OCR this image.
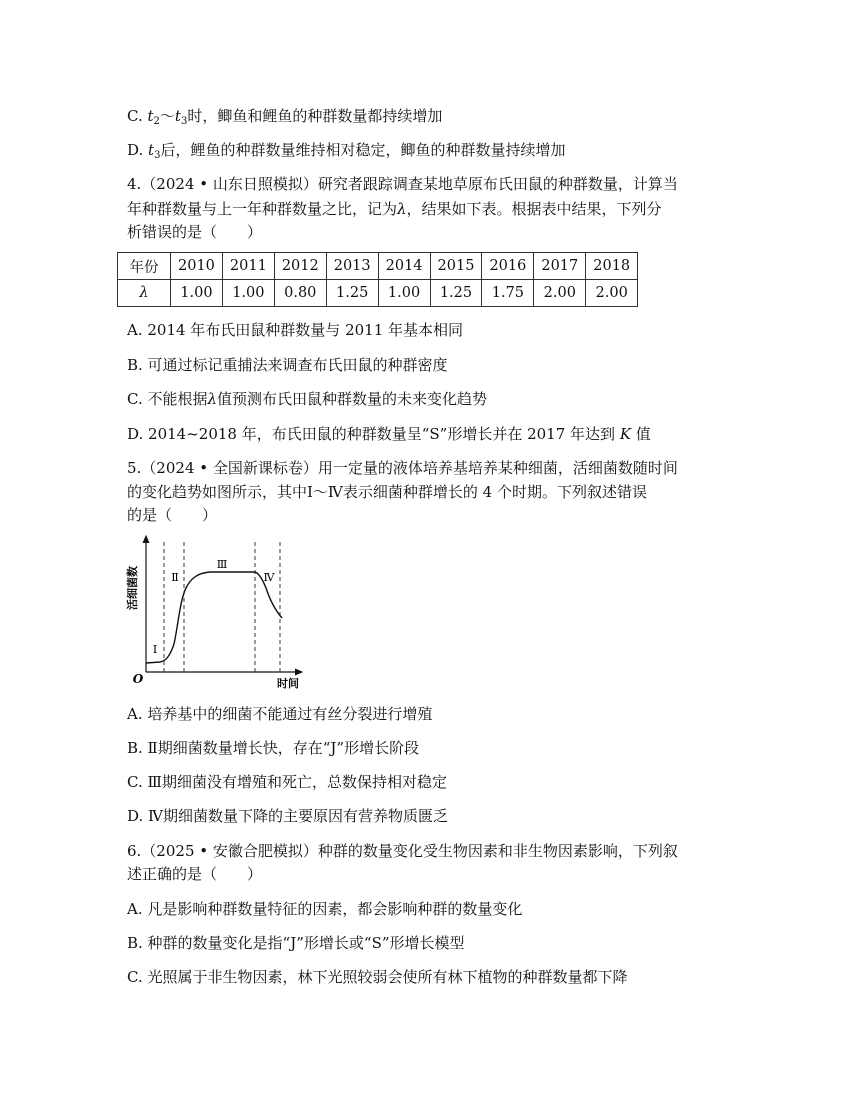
C. $t_2\sim t_3$时，鲫鱼和鲤鱼的种群数量都持续增加
D. $t_3$后，鲤鱼的种群数量维持相对稳定，鲫鱼的种群数量持续增加
4.（2024 • 山东日照模拟）研究者跟踪调查某地草原布氏田鼠的种群数量，计算当
年种群数量与上一年种群数量之比，记为λ，结果如下表。根据表中结果，下列分
析错误的是（　　）
年份	2010	2011	2012	2013	2014	2015	2016	2017	2018
λ	1.00	1.00	0.80	1.25	1.00	1.25	1.75	2.00	2.00
A. 2014 年布氏田鼠种群数量与 2011 年基本相同
B. 可通过标记重捕法来调查布氏田鼠的种群密度
C. 不能根据λ值预测布氏田鼠种群数量的未来变化趋势
D. 2014~2018 年，布氏田鼠的种群数量呈“S”形增长并在 2017 年达到 K 值
5.（2024 • 全国新课标卷）用一定量的液体培养基培养某种细菌，活细菌数随时间
的变化趋势如图所示，其中Ⅰ～Ⅳ表示细菌种群增长的 4 个时期。下列叙述错误
的是（　　）
活细菌数
时间
O
Ⅰ
Ⅱ
Ⅲ
Ⅳ
A. 培养基中的细菌不能通过有丝分裂进行增殖
B. Ⅱ期细菌数量增长快，存在“J”形增长阶段
C. Ⅲ期细菌没有增殖和死亡，总数保持相对稳定
D. Ⅳ期细菌数量下降的主要原因有营养物质匮乏
6.（2025 • 安徽合肥模拟）种群的数量变化受生物因素和非生物因素影响，下列叙
述正确的是（　　）
A. 凡是影响种群数量特征的因素，都会影响种群的数量变化
B. 种群的数量变化是指“J”形增长或“S”形增长模型
C. 光照属于非生物因素，林下光照较弱会使所有林下植物的种群数量都下降
